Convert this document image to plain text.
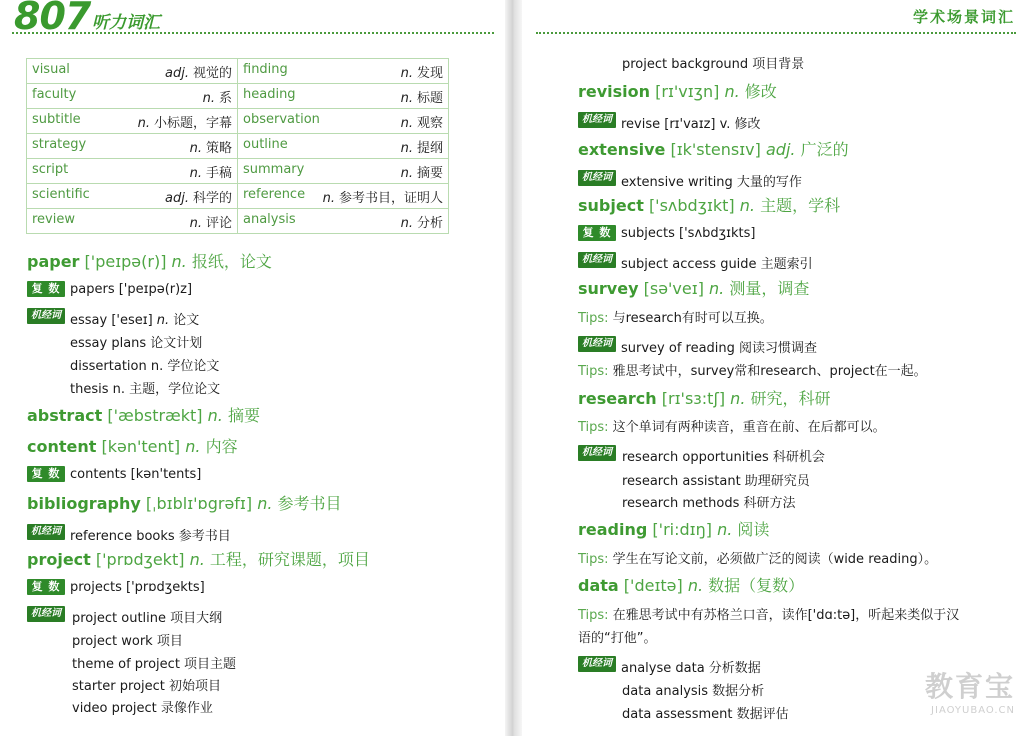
807 听力词汇
visual adj. 视觉的	finding n. 发现

faculty n. 系	heading n. 标题

subtitle n. 小标题，字幕	observation n. 观察

strategy n. 策略	outline n. 提纲

script n. 手稿	summary n. 摘要

scientific adj. 科学的	reference n. 参考书目，证明人

review n. 评论	analysis n. 分析
paper ['peɪpə(r)] n. 报纸，论文
复 数 papers ['peɪpə(r)z]
机经词汇
essay ['eseɪ] n. 论文
essay plans 论文计划
dissertation n. 学位论文
thesis n. 主题，学位论文
abstract ['æbstrækt] n. 摘要
content [kən'tent] n. 内容
复 数 contents [kən'tents]
bibliography [ˌbɪblɪ'ɒgrəfɪ] n. 参考书目
机经词汇
reference books 参考书目
project ['prɒdʒekt] n. 工程，研究课题，项目
复 数 projects ['prɒdʒekts]
机经词汇
project outline 项目大纲
project work 项目
theme of project 项目主题
starter project 初始项目
video project 录像作业
学术场景词汇
project background 项目背景
revision [rɪ'vɪʒn] n. 修改
机经词汇
revise [rɪ'vaɪz] v. 修改
extensive [ɪk'stensɪv] adj. 广泛的
机经词汇
extensive writing 大量的写作
subject ['sʌbdʒɪkt] n. 主题，学科
复 数 subjects ['sʌbdʒɪkts]
机经词汇
subject access guide 主题索引
survey [sə'veɪ] n. 测量，调查
Tips: 与research有时可以互换。
机经词汇
survey of reading 阅读习惯调查
Tips: 雅思考试中，survey常和research、project在一起。
research [rɪ'sɜ:tʃ] n. 研究，科研
Tips: 这个单词有两种读音，重音在前、在后都可以。
机经词汇
research opportunities 科研机会
research assistant 助理研究员
research methods 科研方法
reading ['ri:dɪŋ] n. 阅读
Tips: 学生在写论文前，必须做广泛的阅读（wide reading）。
data ['deɪtə] n. 数据（复数）
Tips: 在雅思考试中有苏格兰口音，读作['dɑ:tə]，听起来类似于汉
语的“打他”。
机经词汇
analyse data 分析数据
data analysis 数据分析
data assessment 数据评估
教育宝
JIAOYUBAO.CN
